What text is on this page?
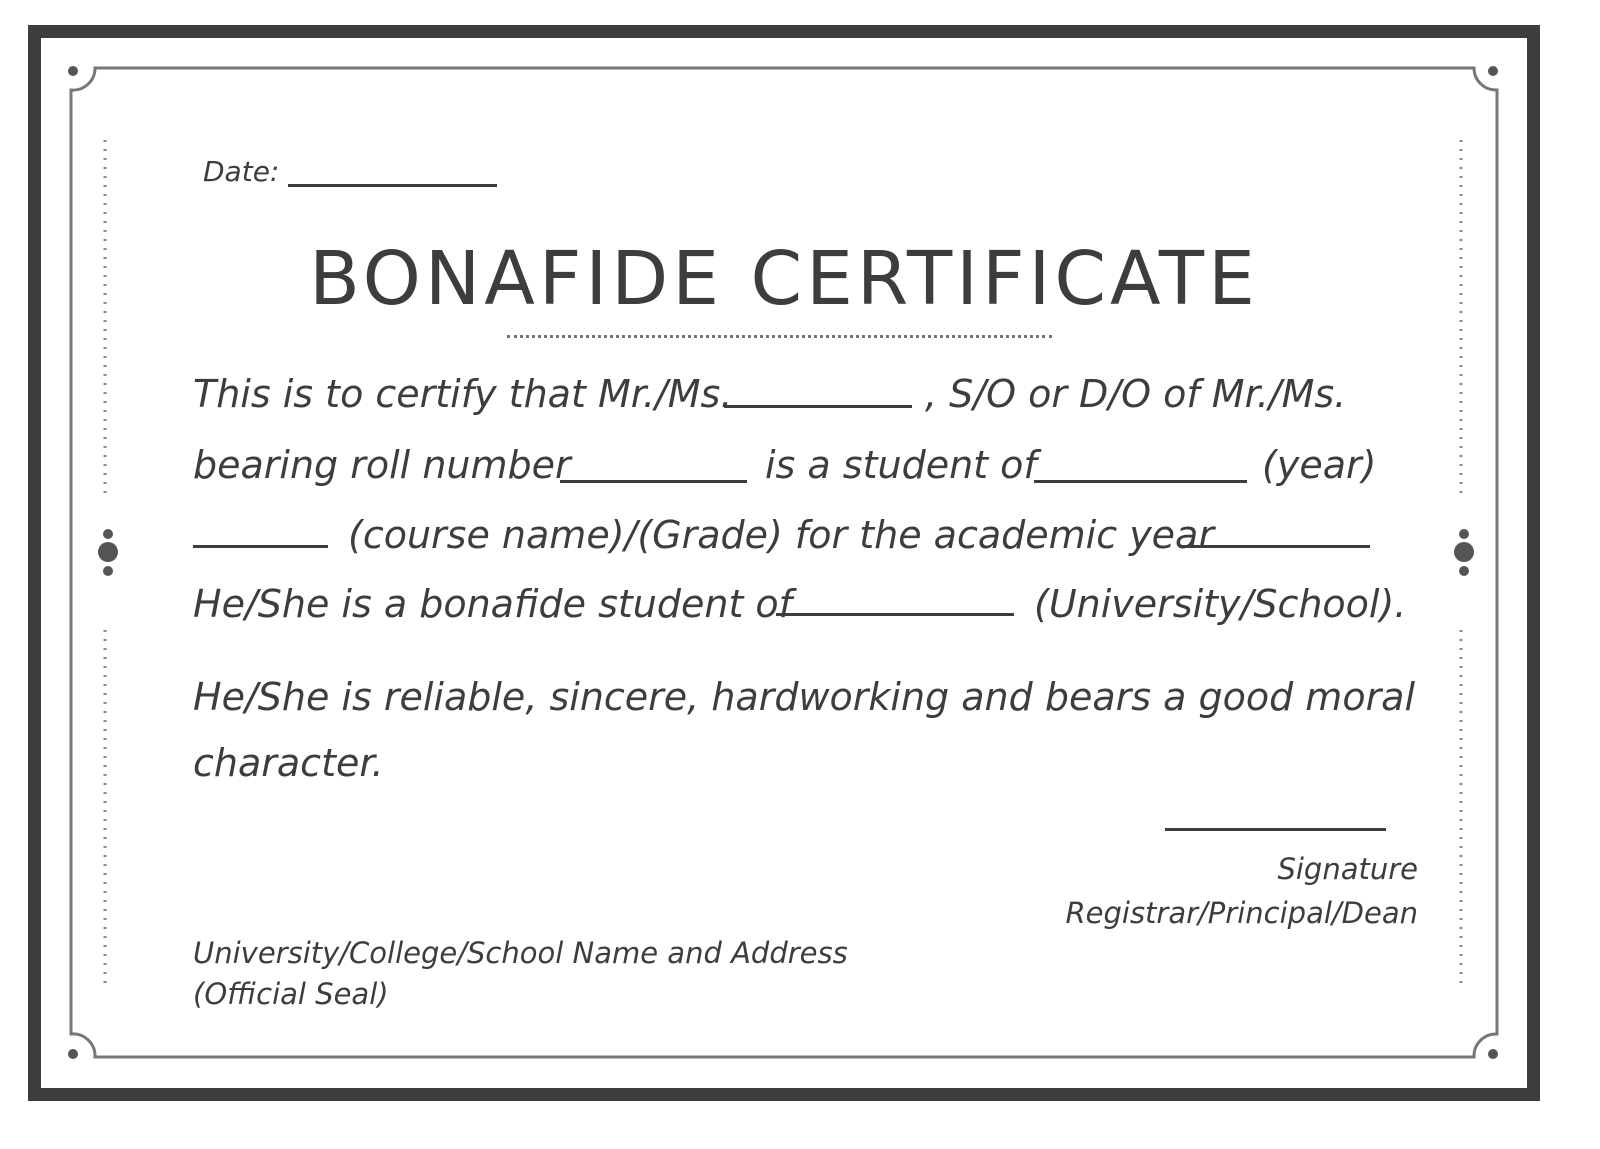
Date:
BONAFIDE CERTIFICATE
This is to certify that Mr./Ms.	, S/O or D/O of Mr./Ms.
bearing roll number	is a student of	(year)
(course name)/(Grade) for the academic year
He/She is a bonafide student of	(University/School).
He/She is reliable, sincere, hardworking and bears a good moral
character.
Signature
Registrar/Principal/Dean
University/College/School Name and Address
(Official Seal)
